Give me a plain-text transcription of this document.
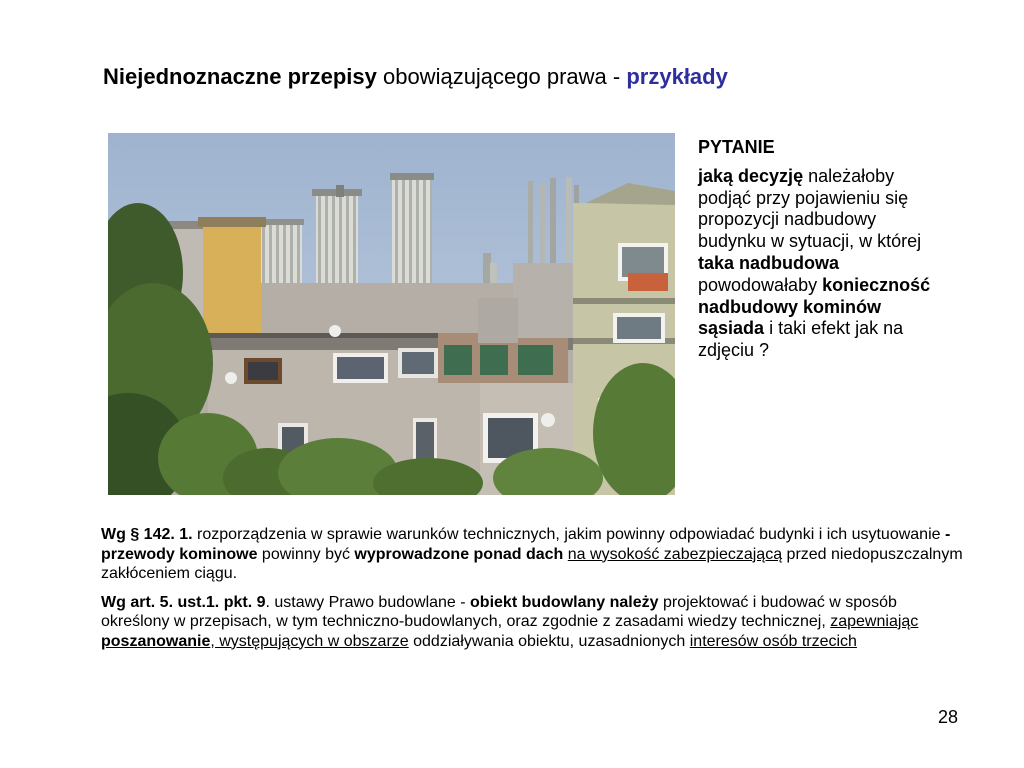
Niejednoznaczne przepisy obowiązującego prawa - przykłady
PYTANIE
jaką decyzję należałoby podjąć przy pojawieniu się propozycji nadbudowy budynku w sytuacji, w której taka nadbudowa powodowałaby konieczność nadbudowy kominów sąsiada i taki efekt jak na zdjęciu ?

Wg § 142. 1. rozporządzenia w sprawie warunków technicznych, jakim powinny odpowiadać budynki i ich usytuowanie - przewody kominowe powinny być wyprowadzone ponad dach na wysokość zabezpieczającą przed niedopuszczalnym zakłóceniem ciągu.

Wg art. 5. ust.1. pkt. 9. ustawy Prawo budowlane - obiekt budowlany należy projektować i budować w sposób określony w przepisach, w tym techniczno-budowlanych, oraz zgodnie z zasadami wiedzy technicznej, zapewniając poszanowanie, występujących w obszarze oddziaływania obiektu, uzasadnionych interesów osób trzecich

28
